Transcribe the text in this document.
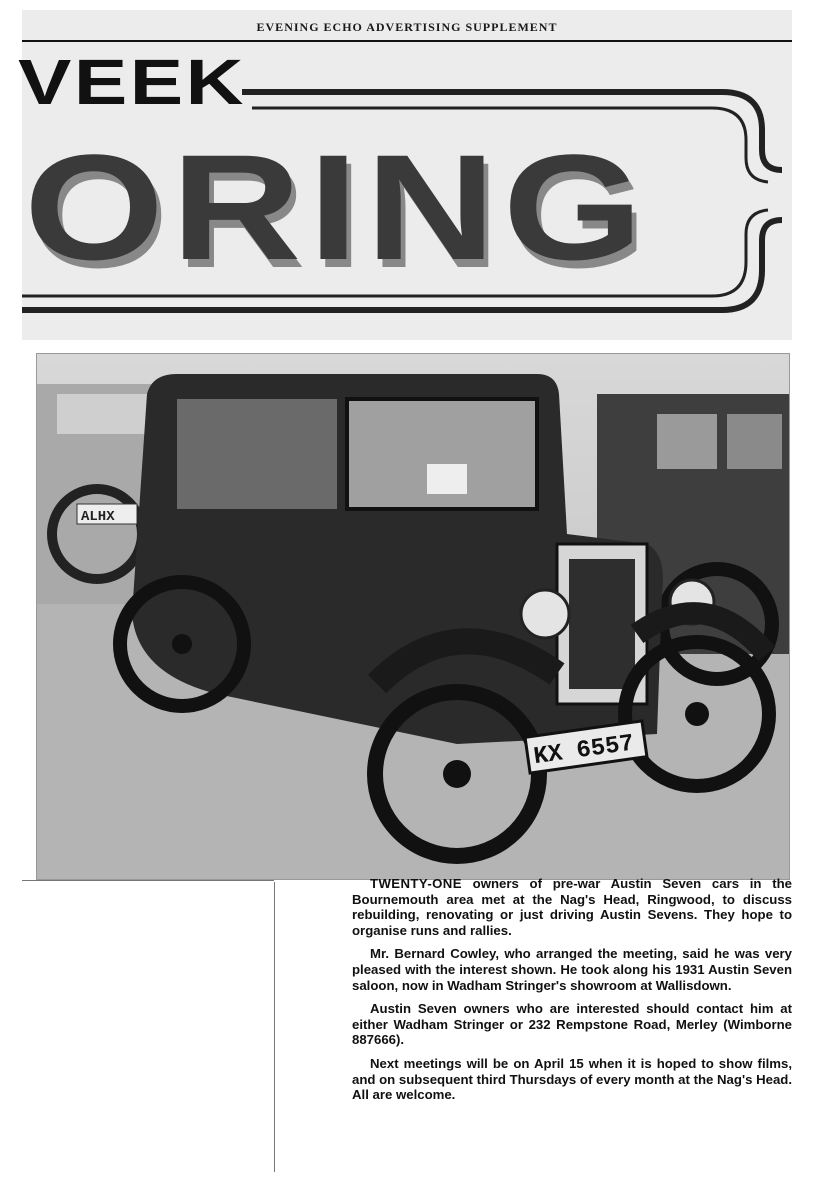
EVENING ECHO ADVERTISING SUPPLEMENT
VEEK
ORING
ALHX
KX 6557

TWENTY-ONE owners of pre-war Austin Seven cars in the Bournemouth area met at the Nag's Head, Ringwood, to discuss rebuilding, renovating or just driving Austin Sevens. They hope to organise runs and rallies.

Mr. Bernard Cowley, who arranged the meeting, said he was very pleased with the interest shown. He took along his 1931 Austin Seven saloon, now in Wadham Stringer's showroom at Wallisdown.

Austin Seven owners who are interested should contact him at either Wadham Stringer or 232 Rempstone Road, Merley (Wimborne 887666).

Next meetings will be on April 15 when it is hoped to show films, and on subsequent third Thursdays of every month at the Nag's Head. All are welcome.
